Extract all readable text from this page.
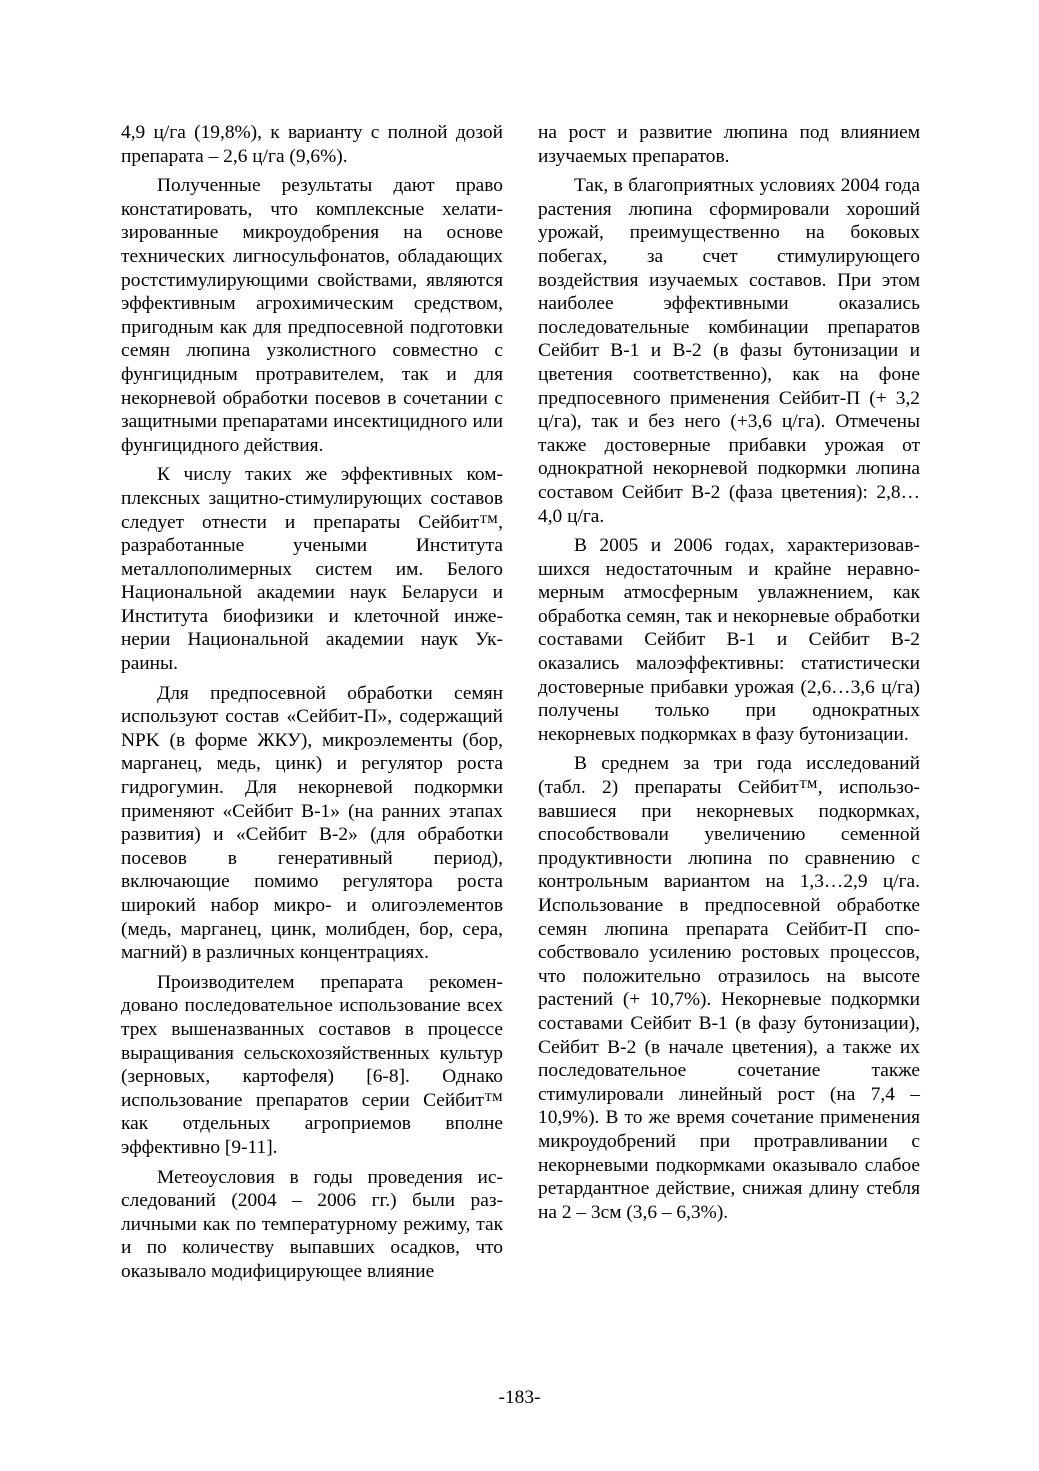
4,9 ц/га (19,8%), к варианту с полной дозой препарата – 2,6 ц/га (9,6%).

Полученные результаты дают право констатировать, что комплексные хелатизированные микроудобрения на основе технических лигносульфонатов, обладающих ростстимулирующими свойствами, являются эффективным агрохимическим средством, пригодным как для предпосевной подготовки семян люпина узколистного совместно с фунгицидным протравителем, так и для некорневой обработки посевов в сочетании с защитными препаратами инсектицидного или фунгицидного действия.

К числу таких же эффективных комплексных защитно-стимулирующих составов следует отнести и препараты Сейбит™, разработанные учеными Института металлополимерных систем им. Белого Национальной академии наук Беларуси и Института биофизики и клеточной инженерии Национальной академии наук Украины.

Для предпосевной обработки семян используют состав «Сейбит-П», содержащий NPK (в форме ЖКУ), микроэлементы (бор, марганец, медь, цинк) и регулятор роста гидрогумин. Для некорневой подкормки применяют «Сейбит В-1» (на ранних этапах развития) и «Сейбит В-2» (для обработки посевов в генеративный период), включающие помимо регулятора роста широкий набор микро- и олигоэлементов (медь, марганец, цинк, молибден, бор, сера, магний) в различных концентрациях.

Производителем препарата рекомендовано последовательное использование всех трех вышеназванных составов в процессе выращивания сельскохозяйственных культур (зерновых, картофеля) [6-8]. Однако использование препаратов серии Сейбит™ как отдельных агроприемов вполне эффективно [9-11].

Метеоусловия в годы проведения исследований (2004 – 2006 гг.) были различными как по температурному режиму, так и по количеству выпавших осадков, что оказывало модифицирующее влияние

на рост и развитие люпина под влиянием изучаемых препаратов.

Так, в благоприятных условиях 2004 года растения люпина сформировали хороший урожай, преимущественно на боковых побегах, за счет стимулирующего воздействия изучаемых составов. При этом наиболее эффективными оказались последовательные комбинации препаратов Сейбит В-1 и В-2 (в фазы бутонизации и цветения соответственно), как на фоне предпосевного применения Сейбит-П (+ 3,2 ц/га), так и без него (+3,6 ц/га). Отмечены также достоверные прибавки урожая от однократной некорневой подкормки люпина составом Сейбит В-2 (фаза цветения): 2,8…4,0 ц/га.

В 2005 и 2006 годах, характеризовавшихся недостаточным и крайне неравномерным атмосферным увлажнением, как обработка семян, так и некорневые обработки составами Сейбит В-1 и Сейбит В-2 оказались малоэффективны: статистически достоверные прибавки урожая (2,6…3,6 ц/га) получены только при однократных некорневых подкормках в фазу бутонизации.

В среднем за три года исследований (табл. 2) препараты Сейбит™, использовавшиеся при некорневых подкормках, способствовали увеличению семенной продуктивности люпина по сравнению с контрольным вариантом на 1,3…2,9 ц/га. Использование в предпосевной обработке семян люпина препарата Сейбит-П способствовало усилению ростовых процессов, что положительно отразилось на высоте растений (+ 10,7%). Некорневые подкормки составами Сейбит В-1 (в фазу бутонизации), Сейбит В-2 (в начале цветения), а также их последовательное сочетание также стимулировали линейный рост (на 7,4 – 10,9%). В то же время сочетание применения микроудобрений при протравливании с некорневыми подкормками оказывало слабое ретардантное действие, снижая длину стебля на 2 – 3см (3,6 – 6,3%).

-183-
